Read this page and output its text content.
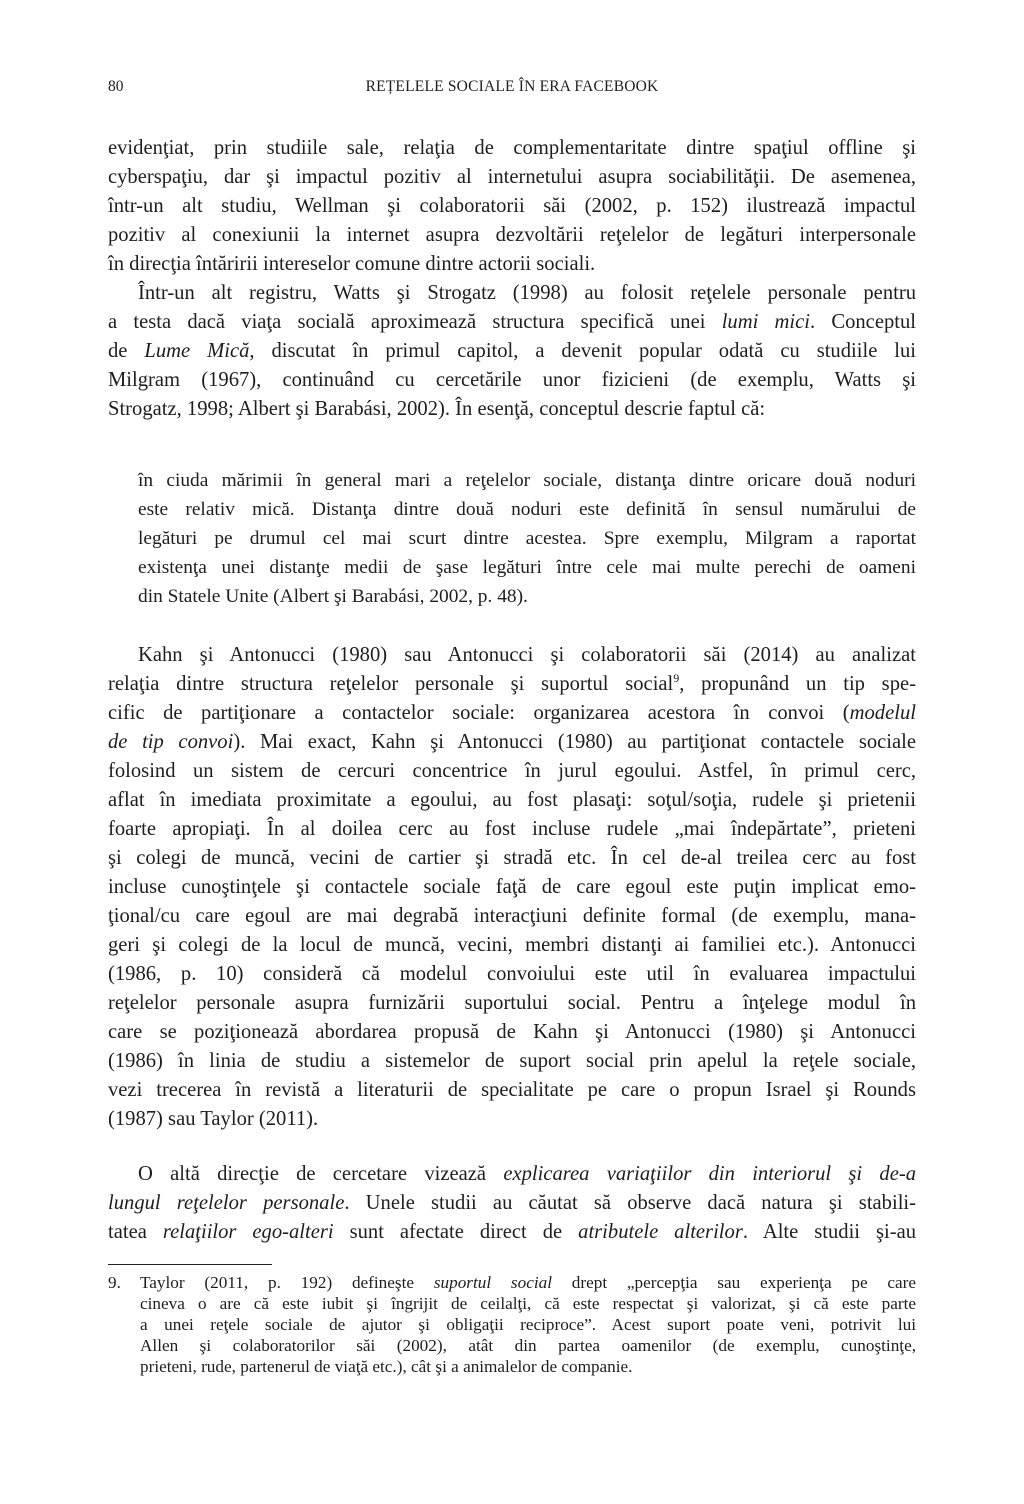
80	REȚELELE SOCIALE ÎN ERA FACEBOOK
evidenţiat, prin studiile sale, relaţia de complementaritate dintre spaţiul offline şi
cyberspaţiu, dar şi impactul pozitiv al internetului asupra sociabilităţii. De asemenea,
într-un alt studiu, Wellman şi colaboratorii săi (2002, p. 152) ilustrează impactul
pozitiv al conexiunii la internet asupra dezvoltării reţelelor de legături interpersonale
în direcţia întăririi intereselor comune dintre actorii sociali.
Într-un alt registru, Watts şi Strogatz (1998) au folosit reţelele personale pentru
a testa dacă viaţa socială aproximează structura specifică unei lumi mici. Conceptul
de Lume Mică, discutat în primul capitol, a devenit popular odată cu studiile lui
Milgram (1967), continuând cu cercetările unor fizicieni (de exemplu, Watts şi
Strogatz, 1998; Albert şi Barabási, 2002). În esenţă, conceptul descrie faptul că:
în ciuda mărimii în general mari a reţelelor sociale, distanţa dintre oricare două noduri
este relativ mică. Distanţa dintre două noduri este definită în sensul numărului de
legături pe drumul cel mai scurt dintre acestea. Spre exemplu, Milgram a raportat
existenţa unei distanţe medii de şase legături între cele mai multe perechi de oameni
din Statele Unite (Albert şi Barabási, 2002, p. 48).
Kahn şi Antonucci (1980) sau Antonucci şi colaboratorii săi (2014) au analizat
relaţia dintre structura reţelelor personale şi suportul social$^9$, propunând un tip spe-
cific de partiţionare a contactelor sociale: organizarea acestora în convoi (modelul
de tip convoi). Mai exact, Kahn şi Antonucci (1980) au partiţionat contactele sociale
folosind un sistem de cercuri concentrice în jurul egoului. Astfel, în primul cerc,
aflat în imediata proximitate a egoului, au fost plasaţi: soţul/soţia, rudele şi prietenii
foarte apropiaţi. În al doilea cerc au fost incluse rudele „mai îndepărtate”, prieteni
şi colegi de muncă, vecini de cartier şi stradă etc. În cel de-al treilea cerc au fost
incluse cunoştinţele şi contactele sociale faţă de care egoul este puţin implicat emo-
ţional/cu care egoul are mai degrabă interacţiuni definite formal (de exemplu, mana-
geri şi colegi de la locul de muncă, vecini, membri distanţi ai familiei etc.). Antonucci
(1986, p. 10) consideră că modelul convoiului este util în evaluarea impactului
reţelelor personale asupra furnizării suportului social. Pentru a înţelege modul în
care se poziţionează abordarea propusă de Kahn şi Antonucci (1980) şi Antonucci
(1986) în linia de studiu a sistemelor de suport social prin apelul la reţele sociale,
vezi trecerea în revistă a literaturii de specialitate pe care o propun Israel şi Rounds
(1987) sau Taylor (2011).
O altă direcţie de cercetare vizează explicarea variaţiilor din interiorul şi de-a
lungul reţelelor personale. Unele studii au căutat să observe dacă natura şi stabili-
tatea relaţiilor ego-alteri sunt afectate direct de atributele alterilor. Alte studii şi-au
9. Taylor (2011, p. 192) defineşte suportul social drept „percepţia sau experienţa pe care
cineva o are că este iubit şi îngrijit de ceilalţi, că este respectat şi valorizat, şi că este parte
a unei reţele sociale de ajutor şi obligaţii reciproce”. Acest suport poate veni, potrivit lui
Allen şi colaboratorilor săi (2002), atât din partea oamenilor (de exemplu, cunoştinţe,
prieteni, rude, partenerul de viaţă etc.), cât şi a animalelor de companie.
